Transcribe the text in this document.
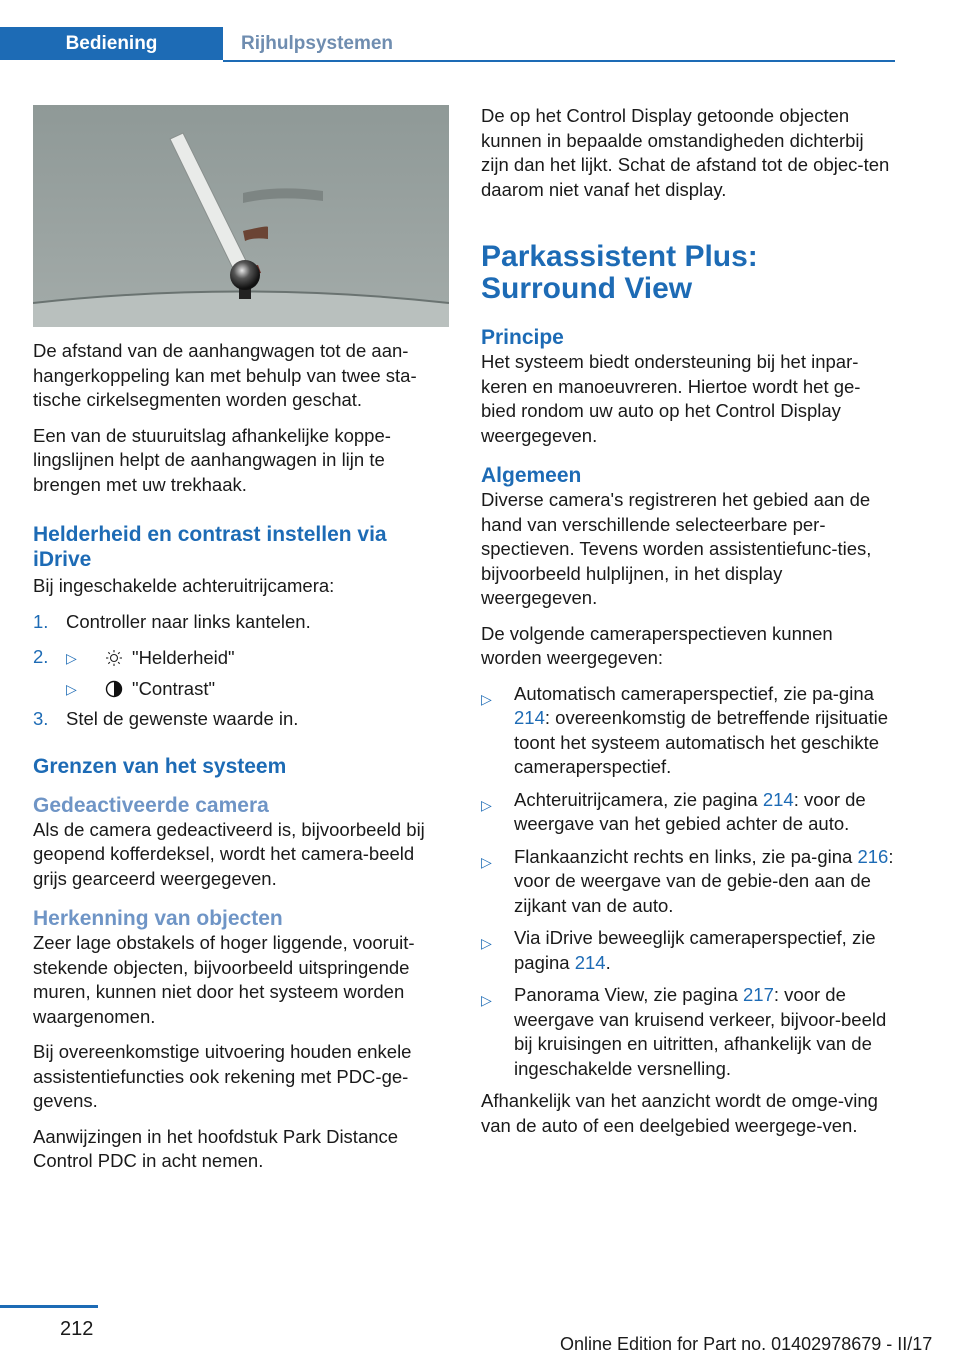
Bediening	Rijhulpsystemen

De afstand van de aanhangwagen tot de aan-hangerkoppeling kan met behulp van twee sta-tische cirkelsegmenten worden geschat.

Een van de stuuruitslag afhankelijke koppe-lingslijnen helpt de aanhangwagen in lijn te brengen met uw trekhaak.

Helderheid en contrast instellen via iDrive

Bij ingeschakelde achteruitrijcamera:

1. Controller naar links kantelen.
2. ▷	"Helderheid"
▷	"Contrast"
3. Stel de gewenste waarde in.
Grenzen van het systeem
Gedeactiveerde camera

Als de camera gedeactiveerd is, bijvoorbeeld bij geopend kofferdeksel, wordt het camera-beeld grijs gearceerd weergegeven.

Herkenning van objecten

Zeer lage obstakels of hoger liggende, vooruit-stekende objecten, bijvoorbeeld uitspringende muren, kunnen niet door het systeem worden waargenomen.

Bij overeenkomstige uitvoering houden enkele assistentiefuncties ook rekening met PDC-ge-gevens.

Aanwijzingen in het hoofdstuk Park Distance Control PDC in acht nemen.

De op het Control Display getoonde objecten kunnen in bepaalde omstandigheden dichterbij zijn dan het lijkt. Schat de afstand tot de objec-ten daarom niet vanaf het display.

Parkassistent Plus: Surround View
Principe

Het systeem biedt ondersteuning bij het inpar-keren en manoeuvreren. Hiertoe wordt het ge-bied rondom uw auto op het Control Display weergegeven.

Algemeen

Diverse camera's registreren het gebied aan de hand van verschillende selecteerbare per-spectieven. Tevens worden assistentiefunc-ties, bijvoorbeeld hulplijnen, in het display weergegeven.

De volgende cameraperspectieven kunnen worden weergegeven:

▷ Automatisch cameraperspectief, zie pa-gina 214: overeenkomstig de betreffende rijsituatie toont het systeem automatisch het geschikte cameraperspectief.
▷ Achteruitrijcamera, zie pagina 214: voor de weergave van het gebied achter de auto.
▷ Flankaanzicht rechts en links, zie pa-gina 216: voor de weergave van de gebie-den aan de zijkant van de auto.
▷ Via iDrive beweeglijk cameraperspectief, zie pagina 214.
▷ Panorama View, zie pagina 217: voor de weergave van kruisend verkeer, bijvoor-beeld bij kruisingen en uitritten, afhankelijk van de ingeschakelde versnelling.

Afhankelijk van het aanzicht wordt de omge-ving van de auto of een deelgebied weergege-ven.

212
Online Edition for Part no. 01402978679 - II/17
